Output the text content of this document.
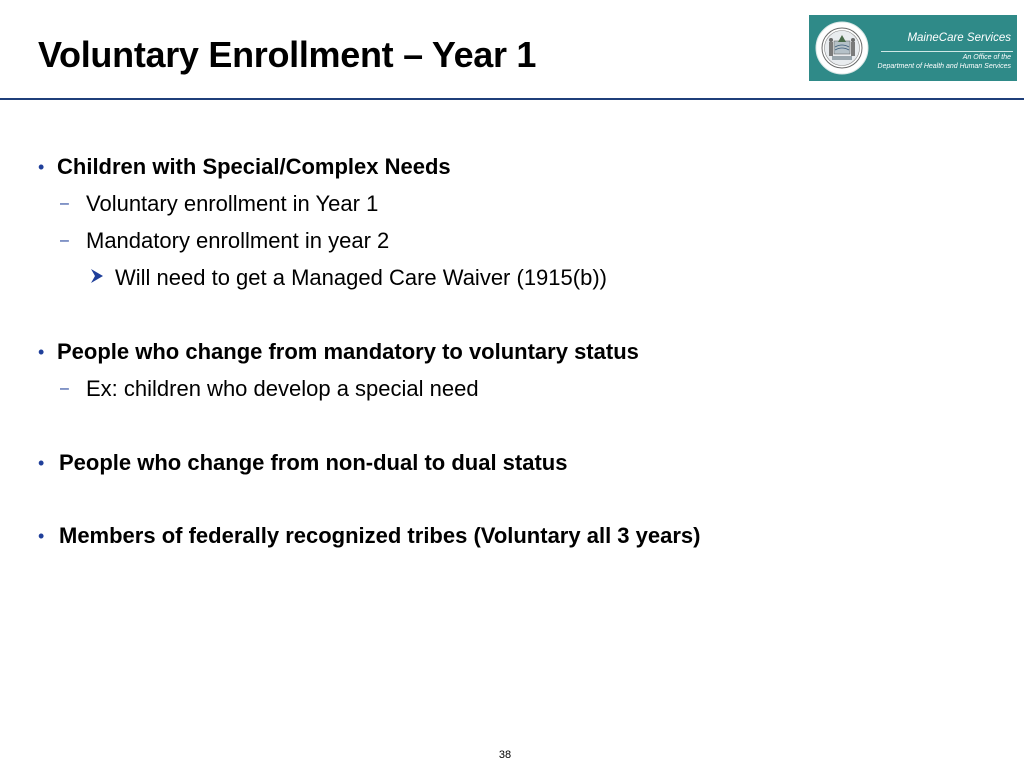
Voluntary Enrollment – Year 1	MaineCare Services
An Office of the
Department of Health and Human Services
• Children with Special/Complex Needs
– Voluntary enrollment in Year 1
– Mandatory enrollment in year 2
Will need to get a Managed Care Waiver (1915(b))
• People who change from mandatory to voluntary status
– Ex: children who develop a special need
• People who change from non-dual to dual status
• Members of federally recognized tribes (Voluntary all 3 years)
38
